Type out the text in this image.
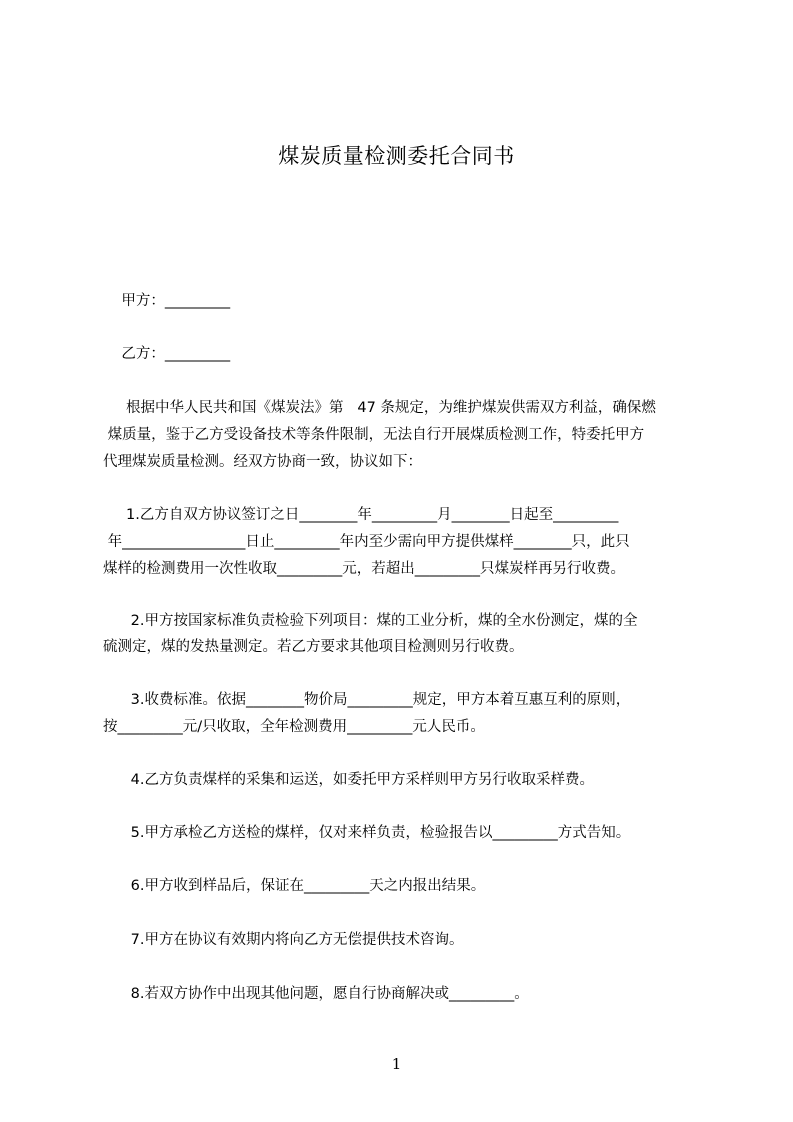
煤炭质量检测委托合同书
甲方：_________
乙方：_________
根据中华人民共和国《煤炭法》第   47 条规定，为维护煤炭供需双方利益，确保燃
煤质量，鉴于乙方受设备技术等条件限制，无法自行开展煤质检测工作，特委托甲方
代理煤炭质量检测。经双方协商一致，协议如下：
1.乙方自双方协议签订之日________年_________月________日起至_________
年_________________日止_________年内至少需向甲方提供煤样________只，此只
煤样的检测费用一次性收取_________元，若超出_________只煤炭样再另行收费。
2.甲方按国家标准负责检验下列项目：煤的工业分析，煤的全水份测定，煤的全
硫测定，煤的发热量测定。若乙方要求其他项目检测则另行收费。
3.收费标准。依据________物价局_________规定，甲方本着互惠互利的原则，
按_________元/只收取，全年检测费用_________元人民币。
4.乙方负责煤样的采集和运送，如委托甲方采样则甲方另行收取采样费。
5.甲方承检乙方送检的煤样，仅对来样负责，检验报告以_________方式告知。
6.甲方收到样品后，保证在_________天之内报出结果。
7.甲方在协议有效期内将向乙方无偿提供技术咨询。
8.若双方协作中出现其他问题，愿自行协商解决或_________。
1
